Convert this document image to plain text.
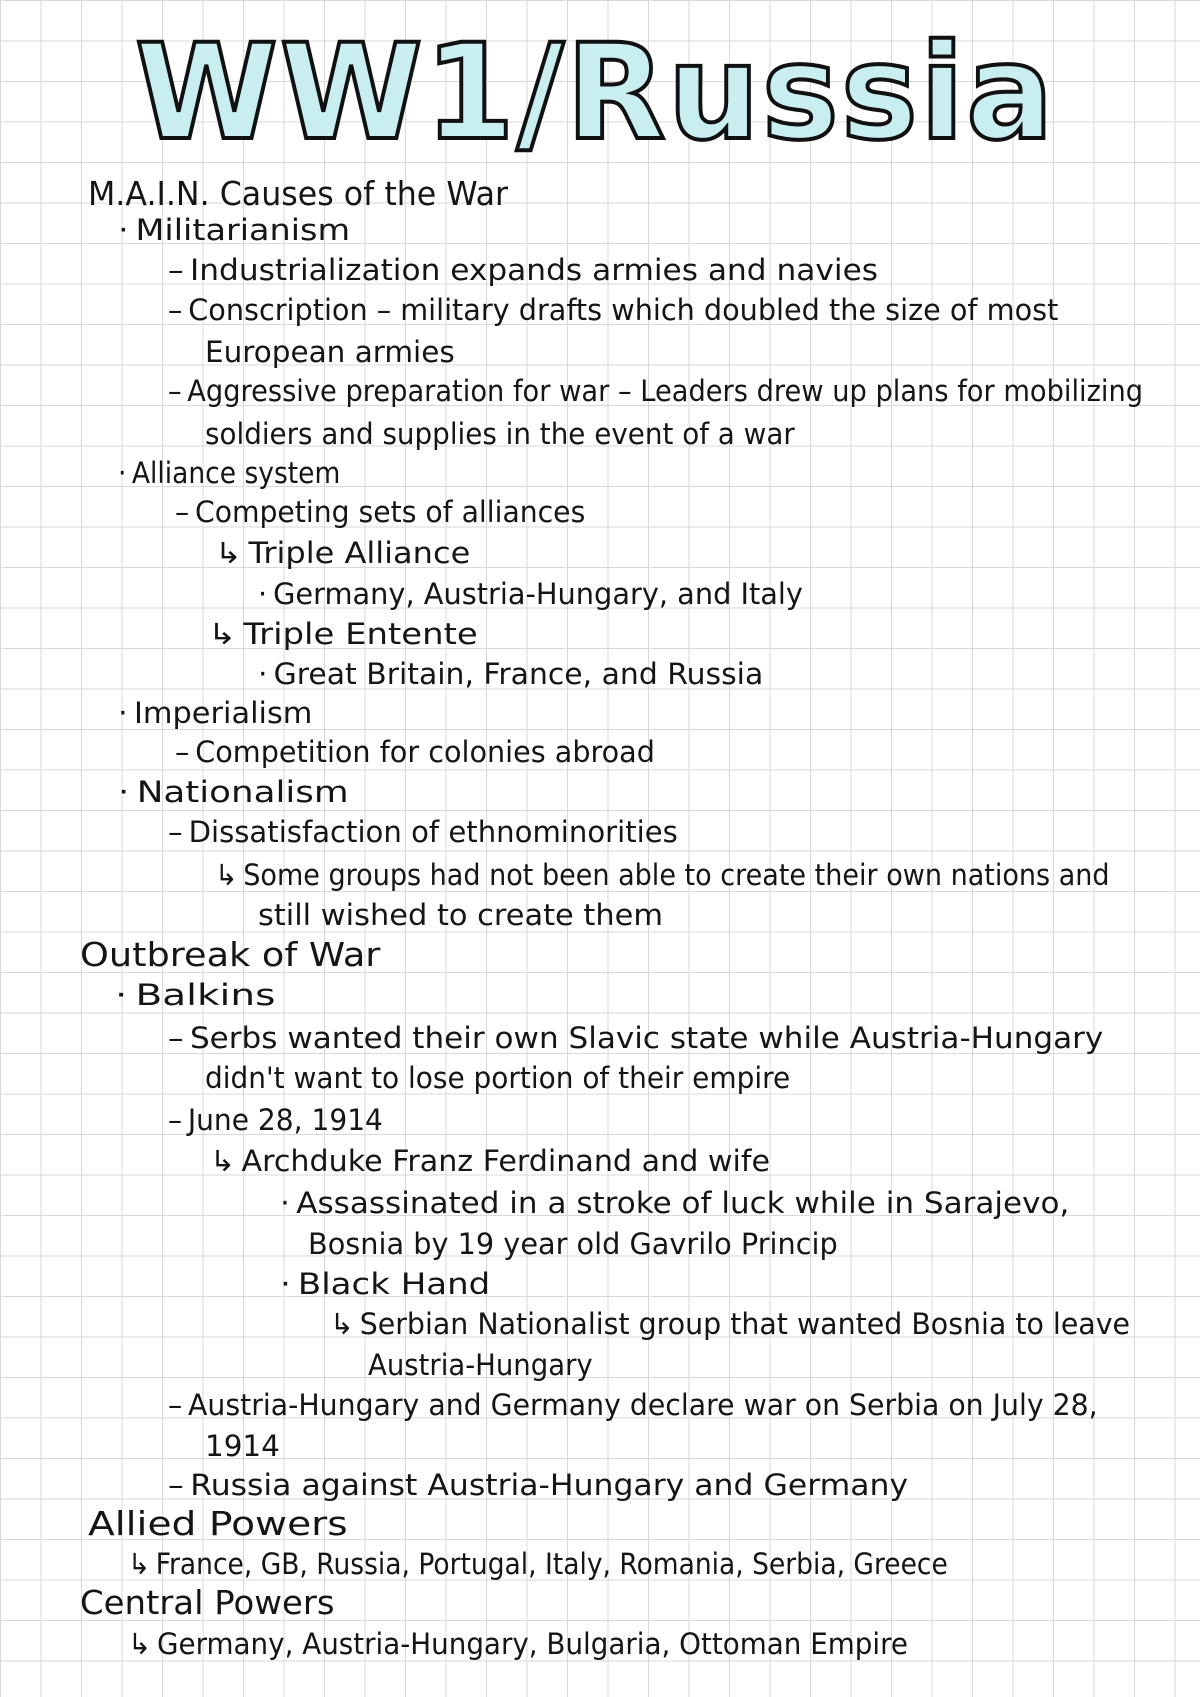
WW1/Russia
M.A.I.N. Causes of the War
· Militarianism
– Industrialization expands armies and navies
– Conscription – military drafts which doubled the size of most
European armies
– Aggressive preparation for war – Leaders drew up plans for mobilizing
soldiers and supplies in the event of a war
· Alliance system
– Competing sets of alliances
↳ Triple Alliance
· Germany, Austria-Hungary, and Italy
↳ Triple Entente
· Great Britain, France, and Russia
· Imperialism
– Competition for colonies abroad
· Nationalism
– Dissatisfaction of ethnominorities
↳ Some groups had not been able to create their own nations and
still wished to create them
Outbreak of War
· Balkins
– Serbs wanted their own Slavic state while Austria-Hungary
didn't want to lose portion of their empire
– June 28, 1914
↳ Archduke Franz Ferdinand and wife
· Assassinated in a stroke of luck while in Sarajevo,
Bosnia by 19 year old Gavrilo Princip
· Black Hand
↳ Serbian Nationalist group that wanted Bosnia to leave
Austria-Hungary
– Austria-Hungary and Germany declare war on Serbia on July 28,
1914
– Russia against Austria-Hungary and Germany
Allied Powers
↳ France, GB, Russia, Portugal, Italy, Romania, Serbia, Greece
Central Powers
↳ Germany, Austria-Hungary, Bulgaria, Ottoman Empire
